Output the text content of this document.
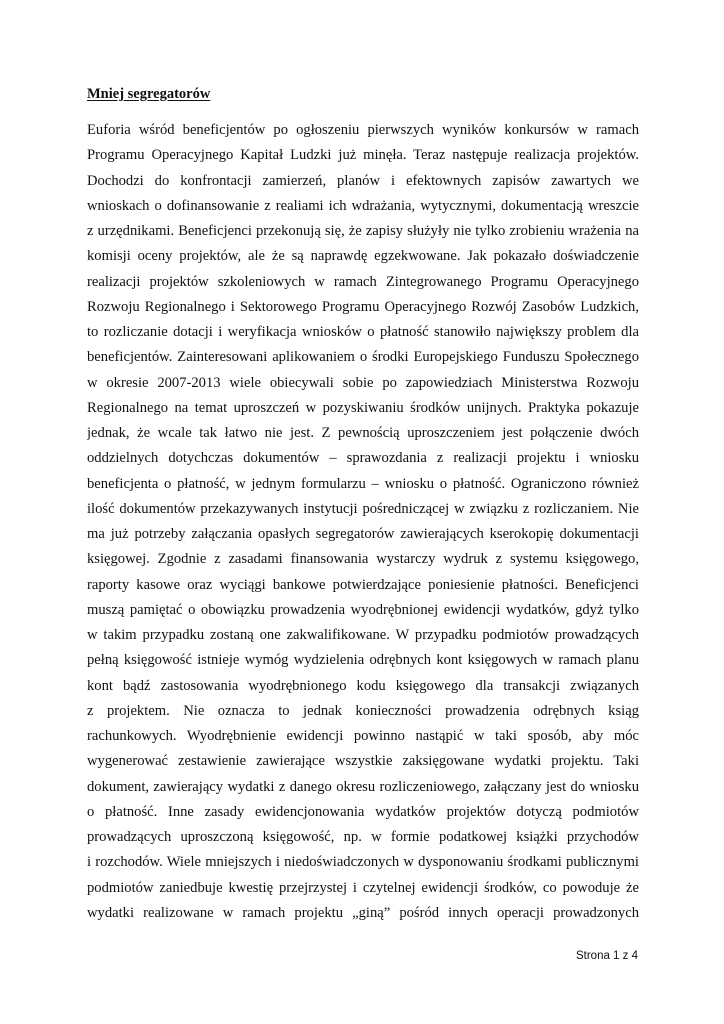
Mniej segregatorów
Euforia wśród beneficjentów po ogłoszeniu pierwszych wyników konkursów w ramach
Programu Operacyjnego Kapitał Ludzki już minęła. Teraz następuje realizacja projektów.
Dochodzi do konfrontacji zamierzeń, planów i efektownych zapisów zawartych we
wnioskach o dofinansowanie z realiami ich wdrażania, wytycznymi, dokumentacją wreszcie
z urzędnikami. Beneficjenci przekonują się, że zapisy służyły nie tylko zrobieniu wrażenia na
komisji oceny projektów, ale że są naprawdę egzekwowane. Jak pokazało doświadczenie
realizacji projektów szkoleniowych w ramach Zintegrowanego Programu Operacyjnego
Rozwoju Regionalnego i Sektorowego Programu Operacyjnego Rozwój Zasobów Ludzkich,
to rozliczanie dotacji i weryfikacja wniosków o płatność stanowiło największy problem dla
beneficjentów. Zainteresowani aplikowaniem o środki Europejskiego Funduszu Społecznego
w okresie 2007-2013 wiele obiecywali sobie po zapowiedziach Ministerstwa Rozwoju
Regionalnego na temat uproszczeń w pozyskiwaniu środków unijnych. Praktyka pokazuje
jednak, że wcale tak łatwo nie jest. Z pewnością uproszczeniem jest połączenie dwóch
oddzielnych dotychczas dokumentów – sprawozdania z realizacji projektu i wniosku
beneficjenta o płatność, w jednym formularzu – wniosku o płatność. Ograniczono również
ilość dokumentów przekazywanych instytucji pośredniczącej w związku z rozliczaniem. Nie
ma już potrzeby załączania opasłych segregatorów zawierających kserokopię dokumentacji
księgowej. Zgodnie z zasadami finansowania wystarczy wydruk z systemu księgowego,
raporty kasowe oraz wyciągi bankowe potwierdzające poniesienie płatności. Beneficjenci
muszą pamiętać o obowiązku prowadzenia wyodrębnionej ewidencji wydatków, gdyż tylko
w takim przypadku zostaną one zakwalifikowane. W przypadku podmiotów prowadzących
pełną księgowość istnieje wymóg wydzielenia odrębnych kont księgowych w ramach planu
kont bądź zastosowania wyodrębnionego kodu księgowego dla transakcji związanych
z projektem. Nie oznacza to jednak konieczności prowadzenia odrębnych ksiąg
rachunkowych. Wyodrębnienie ewidencji powinno nastąpić w taki sposób, aby móc
wygenerować zestawienie zawierające wszystkie zaksięgowane wydatki projektu. Taki
dokument, zawierający wydatki z danego okresu rozliczeniowego, załączany jest do wniosku
o płatność. Inne zasady ewidencjonowania wydatków projektów dotyczą podmiotów
prowadzących uproszczoną księgowość, np. w formie podatkowej książki przychodów
i rozchodów. Wiele mniejszych i niedoświadczonych w dysponowaniu środkami publicznymi
podmiotów zaniedbuje kwestię przejrzystej i czytelnej ewidencji środków, co powoduje że
wydatki realizowane w ramach projektu „giną” pośród innych operacji prowadzonych

Strona 1 z 4
